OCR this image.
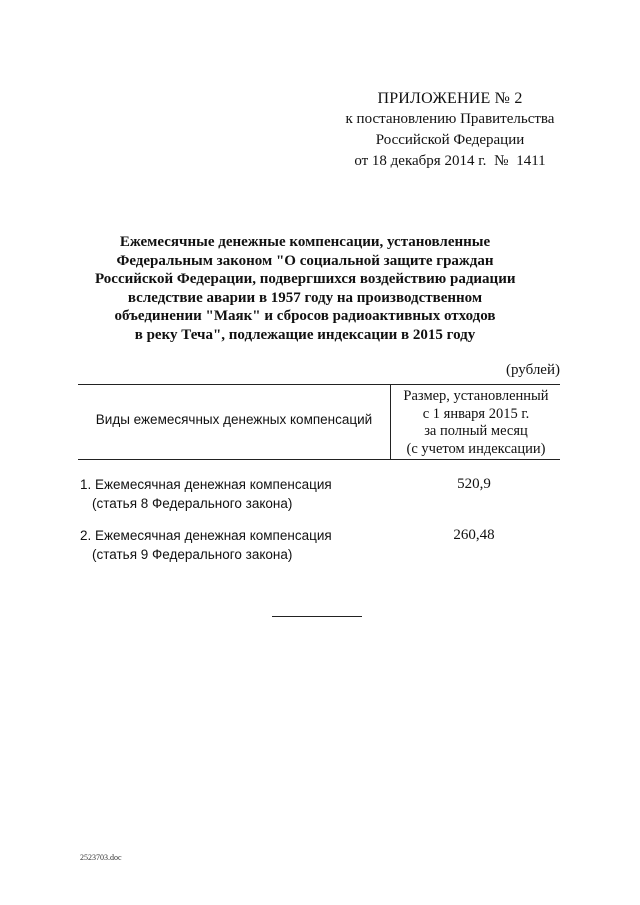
ПРИЛОЖЕНИЕ № 2
к постановлению Правительства
Российской Федерации
от 18 декабря 2014 г. № 1411
Ежемесячные денежные компенсации, установленные
Федеральным законом "О социальной защите граждан
Российской Федерации, подвергшихся воздействию радиации
вследствие аварии в 1957 году на производственном
объединении "Маяк" и сбросов радиоактивных отходов
в реку Теча", подлежащие индексации в 2015 году
(рублей)
Виды ежемесячных денежных компенсаций
Размер, установленный
с 1 января 2015 г.
за полный месяц
(с учетом индексации)
1. Ежемесячная денежная компенсация
(статья 8 Федерального закона)
520,9
2. Ежемесячная денежная компенсация
(статья 9 Федерального закона)
260,48
2523703.doc
